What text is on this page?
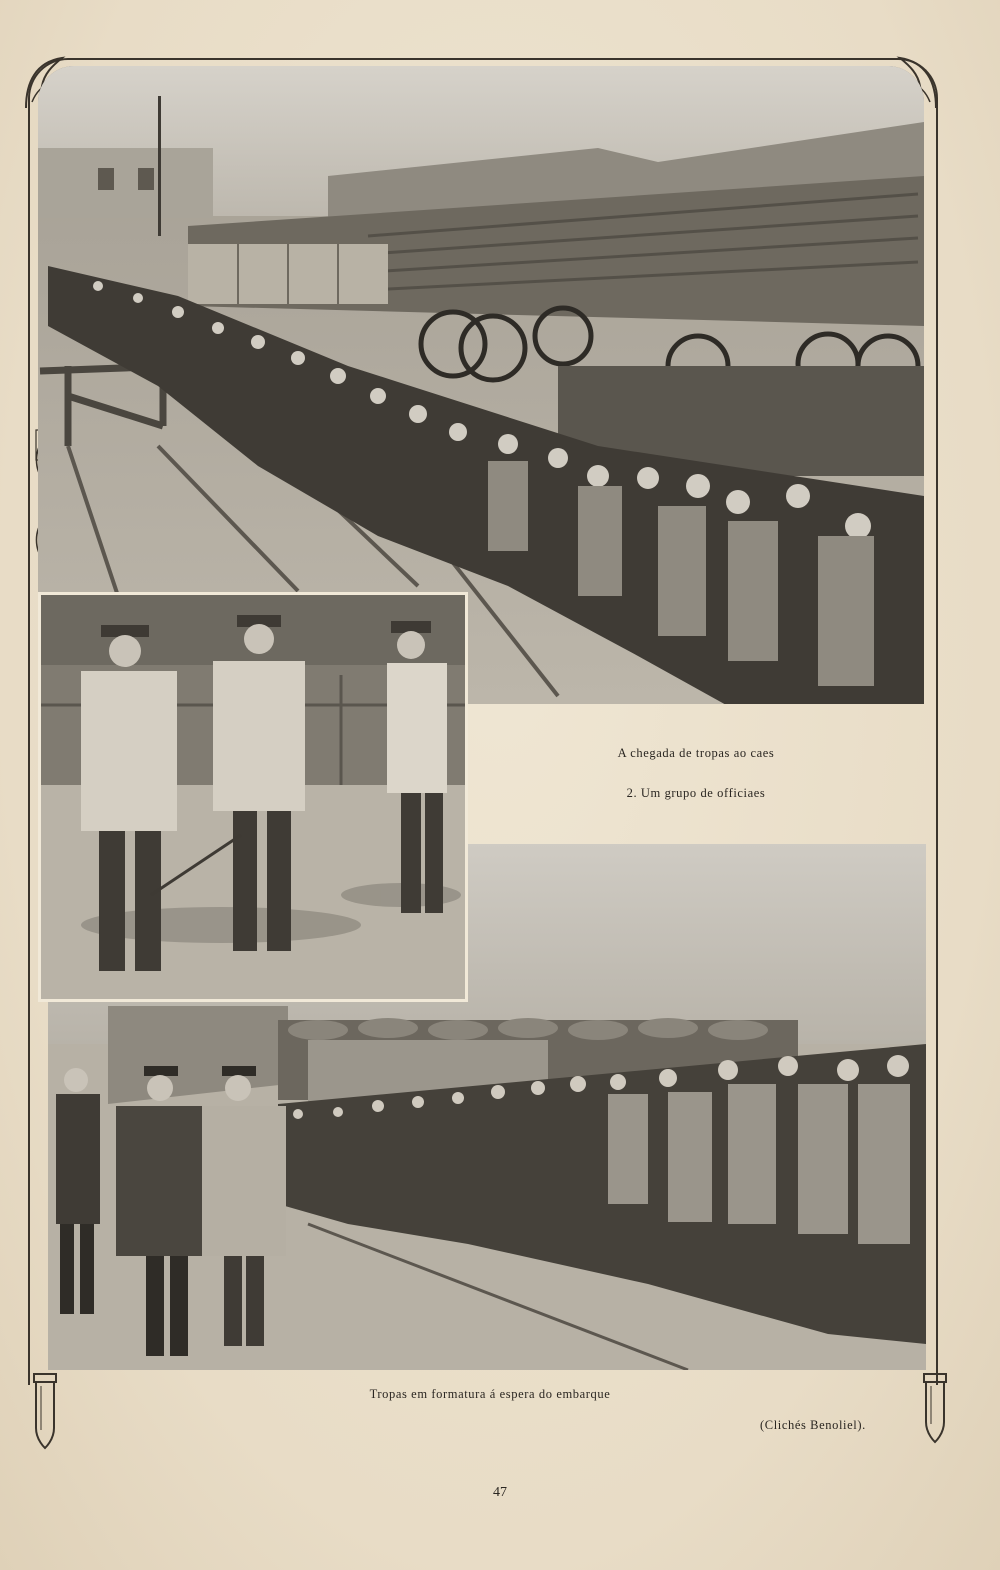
A chegada de tropas ao caes
2. Um grupo de officiaes
Tropas em formatura á espera do embarque
(Clichés Benoliel).
47
